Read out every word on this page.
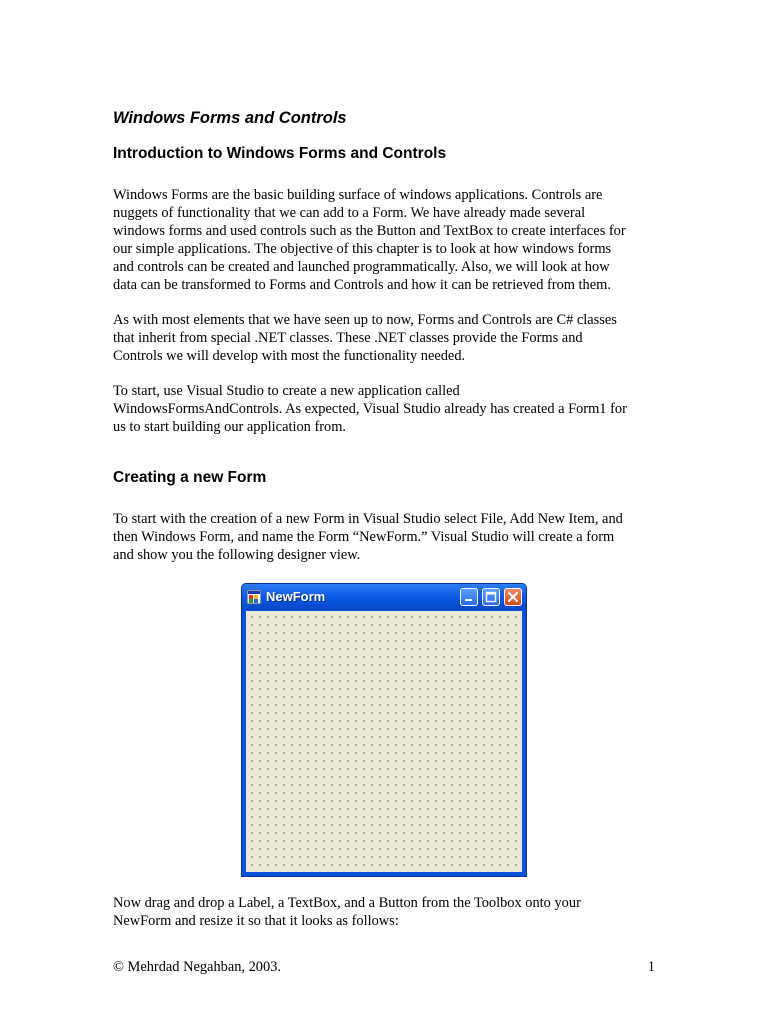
Windows Forms and Controls
Introduction to Windows Forms and Controls
Windows Forms are the basic building surface of windows applications. Controls are
nuggets of functionality that we can add to a Form. We have already made several
windows forms and used controls such as the Button and TextBox to create interfaces for
our simple applications. The objective of this chapter is to look at how windows forms
and controls can be created and launched programmatically. Also, we will look at how
data can be transformed to Forms and Controls and how it can be retrieved from them.
As with most elements that we have seen up to now, Forms and Controls are C# classes
that inherit from special .NET classes. These .NET classes provide the Forms and
Controls we will develop with most the functionality needed.
To start, use Visual Studio to create a new application called
WindowsFormsAndControls. As expected, Visual Studio already has created a Form1 for
us to start building our application from.
Creating a new Form
To start with the creation of a new Form in Visual Studio select File, Add New Item, and
then Windows Form, and name the Form “NewForm.” Visual Studio will create a form
and show you the following designer view.
NewForm
Now drag and drop a Label, a TextBox, and a Button from the Toolbox onto your
NewForm and resize it so that it looks as follows:

© Mehrdad Negahban, 2003.	1
